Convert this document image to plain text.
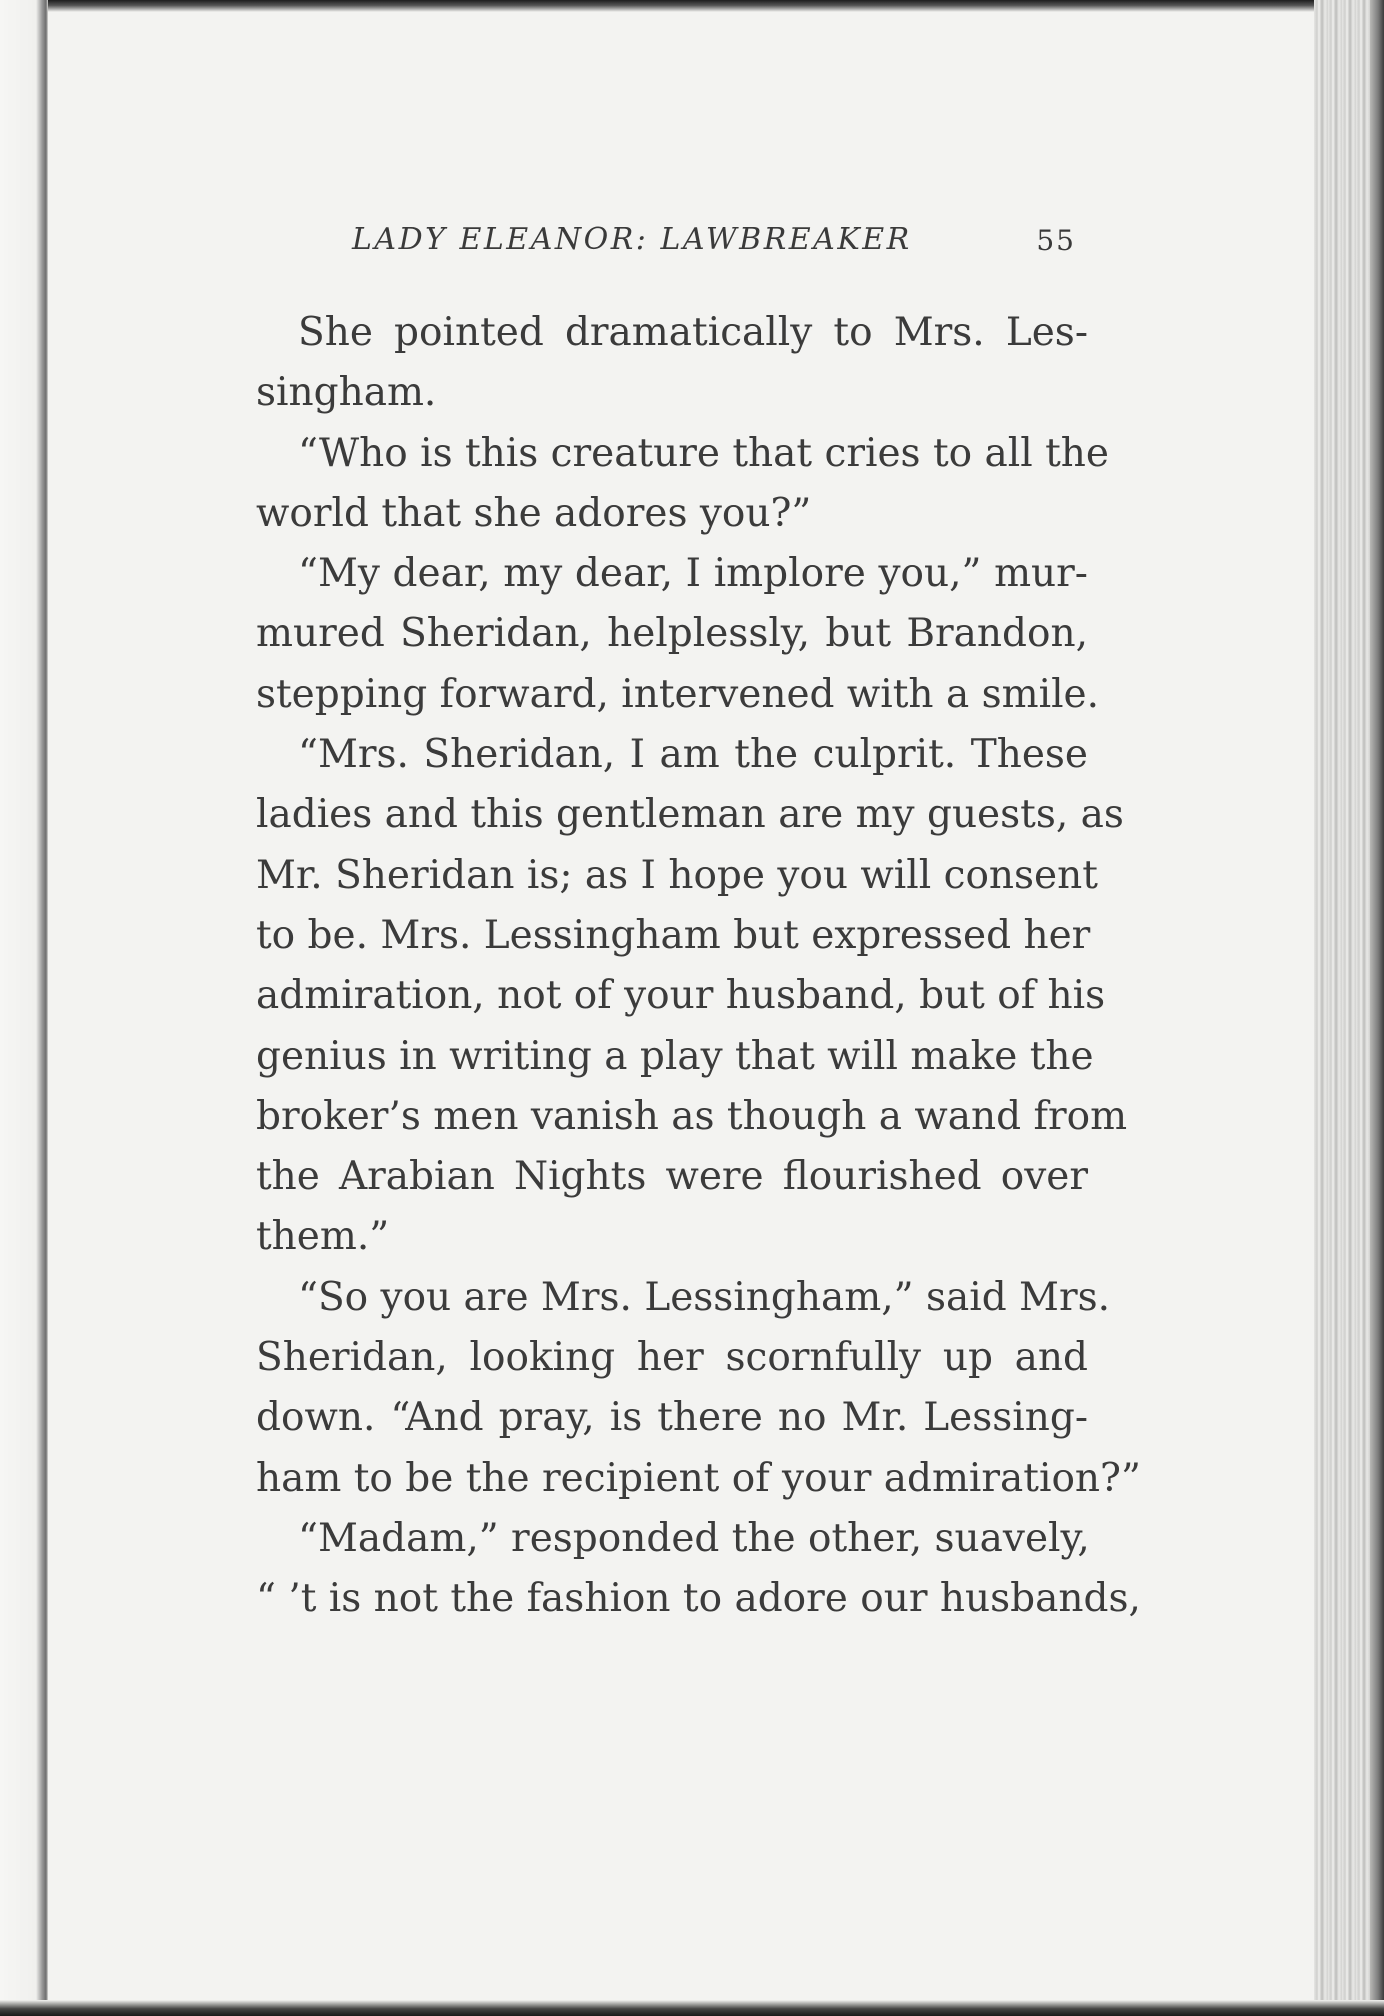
LADY ELEANOR: LAWBREAKER	55

She pointed dramatically to Mrs. Les-

singham.

“Who is this creature that cries to all the

world that she adores you?”

“My dear, my dear, I implore you,” mur-

mured Sheridan, helplessly, but Brandon,

stepping forward, intervened with a smile.

“Mrs. Sheridan, I am the culprit. These

ladies and this gentleman are my guests, as

Mr. Sheridan is; as I hope you will consent

to be. Mrs. Lessingham but expressed her

admiration, not of your husband, but of his

genius in writing a play that will make the

broker’s men vanish as though a wand from

the Arabian Nights were flourished over

them.”

“So you are Mrs. Lessingham,” said Mrs.

Sheridan, looking her scornfully up and

down. “And pray, is there no Mr. Lessing-

ham to be the recipient of your admiration?”

“Madam,” responded the other, suavely,

“ ’t is not the fashion to adore our husbands,
